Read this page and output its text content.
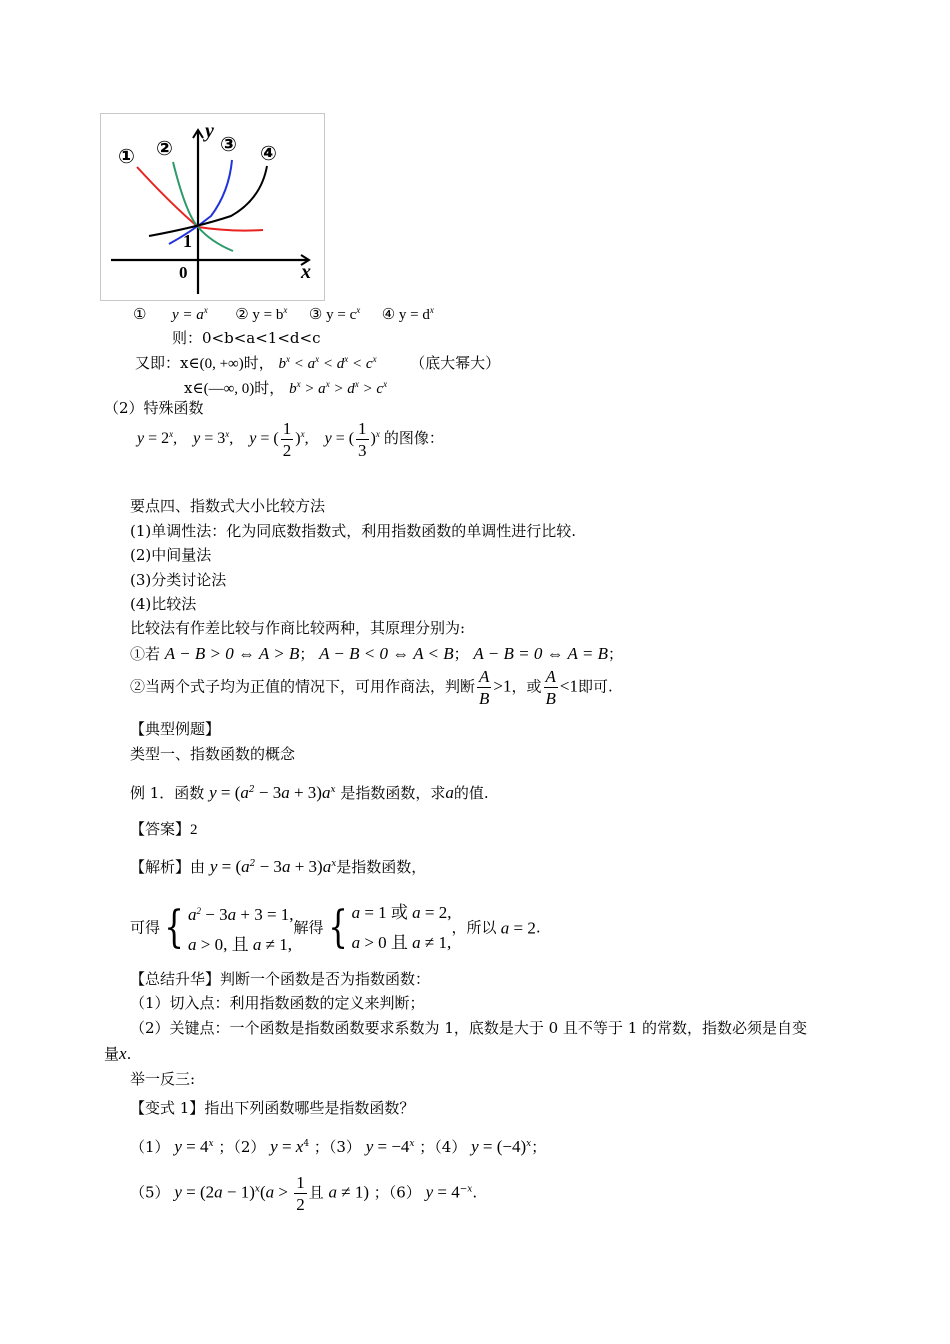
y
x
0
1
① ② ③ ④
① $y = a^x$ ② $y = b^x$ ③ $y = c^x$ ④ $y = d^x$
则：0<b<a<1<d<c
又即：x∈(0, +∞)时， $b^x < a^x < d^x < c^x$ （底大幂大）
x∈(—∞, 0)时， $b^x > a^x > d^x > c^x$
（2）特殊函数
$y = 2^x$,    $y = 3^x$,    y = ( $\frac{1}{2} )^x$,    y = ( $\frac{1}{3} )^x$ 的图像：
要点四、指数式大小比较方法
(1)单调性法：化为同底数指数式，利用指数函数的单调性进行比较.
(2)中间量法
(3)分类讨论法
(4)比较法
比较法有作差比较与作商比较两种，其原理分别为:
①若 A − B > 0 ⇔ A > B； A − B < 0 ⇔ A < B； A − B = 0 ⇔ A = B；
②当两个式子均为正值的情况下，可用作商法，判断 $\frac{A}{B} >1$，或 $\frac{A}{B} <1$即可.
【典型例题】
类型一、指数函数的概念
例 1．函数 $y = (a^2 - 3a + 3)a^x$ 是指数函数，求a的值.
【答案】2
【解析】由 $y = (a^2 - 3a + 3)a^x$是指数函数，
可得{ $a^2 - 3a + 3 = 1$,
a > 0, 且 a ≠ 1,解得{ a = 1 或 a = 2,
a > 0 且 a ≠ 1,，所以 a = 2.
【总结升华】判断一个函数是否为指数函数：
（1）切入点：利用指数函数的定义来判断；
（2）关键点：一个函数是指数函数要求系数为 1，底数是大于 0 且不等于 1 的常数，指数必须是自变
量x.
举一反三:
【变式 1】指出下列函数哪些是指数函数？
（1） $y = 4^x$ ；（2） $y = x^4$ ；（3） $y = -4^x$ ；（4） $y = (-4)^x$；
（5） $y = (2a - 1)^x(a > \frac{1}{2}$ 且 a ≠ 1) ；（6） $y = 4^{-x}$.
